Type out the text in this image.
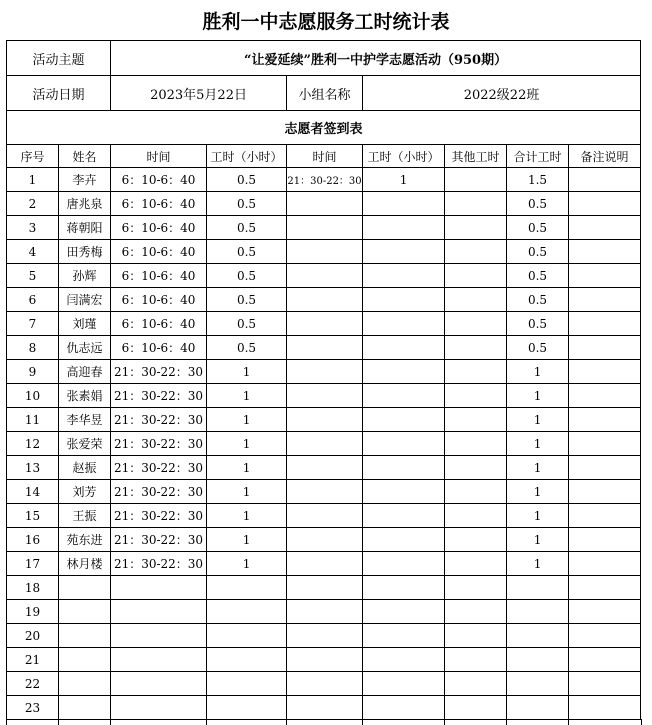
胜利一中志愿服务工时统计表
活动主题		“让爱延续”胜利一中护学志愿活动（950期）						
活动日期		2023年5月22日		小组名称	2022级22班			
志愿者签到表								
序号	姓名	时间	工时（小时）	时间	工时（小时）	其他工时	合计工时	备注说明
1	李卉	6：10-6：40	0.5	21：30-22：30	1		1.5	
2	唐兆泉	6：10-6：40	0.5				0.5	
3	蒋朝阳	6：10-6：40	0.5				0.5	
4	田秀梅	6：10-6：40	0.5				0.5	
5	孙辉	6：10-6：40	0.5				0.5	
6	闫满宏	6：10-6：40	0.5				0.5	
7	刘瑾	6：10-6：40	0.5				0.5	
8	仇志远	6：10-6：40	0.5				0.5	
9	高迎春	21：30-22：30	1				1	
10	张素娟	21：30-22：30	1				1	
11	李华昱	21：30-22：30	1				1	
12	张爱荣	21：30-22：30	1				1	
13	赵振	21：30-22：30	1				1	
14	刘芳	21：30-22：30	1				1	
15	王振	21：30-22：30	1				1	
16	苑东进	21：30-22：30	1				1	
17	林月楼	21：30-22：30	1				1	
18								
19								
20								
21								
22								
23								
